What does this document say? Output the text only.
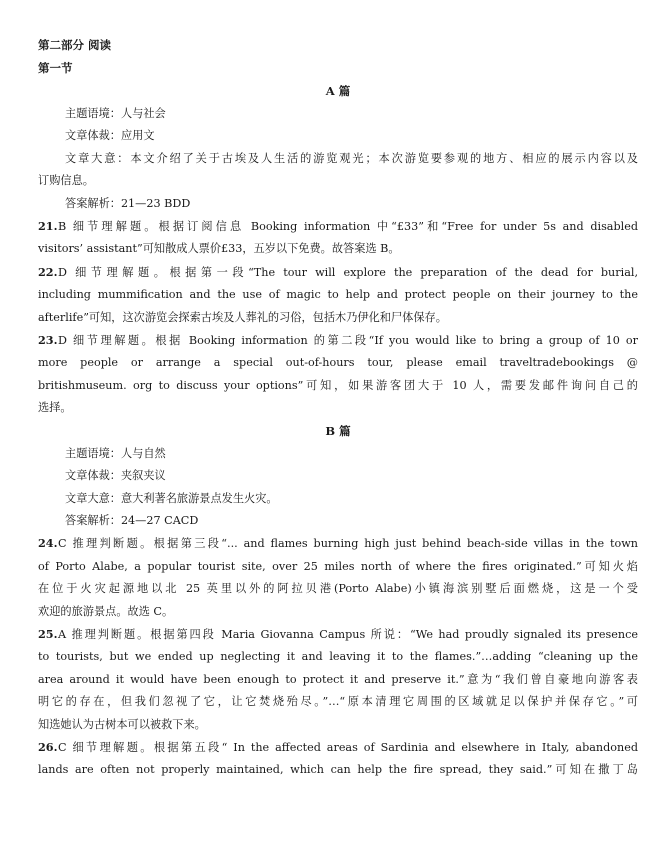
第二部分 阅读
第一节
A 篇
主题语境：人与社会
文章体裁：应用文
文章大意：本文介绍了关于古埃及人生活的游览观光；本次游览要参观的地方、相应的展示内容以及
订购信息。
答案解析：21—23 BDD
21.B 细节理解题。根据订阅信息 Booking information 中“£33”和“Free for under 5s and disabled
visitors’ assistant”可知散成人票价£33，五岁以下免费。故答案选 B。
22.D 细节理解题。根据第一段“The tour will explore the preparation of the dead for burial,
including mummification and the use of magic to help and protect people on their journey to the
afterlife”可知，这次游览会探索古埃及人葬礼的习俗，包括木乃伊化和尸体保存。
23.D 细节理解题。根据 Booking information 的第二段“If you would like to bring a group of 10 or
more people or arrange a special out-of-hours tour, please email traveltradebookings @
britishmuseum. org to discuss your options”可知，如果游客团大于 10 人，需要发邮件询问自己的
选择。
B 篇
主题语境：人与自然
文章体裁：夹叙夹议
文章大意：意大利著名旅游景点发生火灾。
答案解析：24—27 CACD
24.C 推理判断题。根据第三段“... and flames burning high just behind beach-side villas in the town
of Porto Alabe, a popular tourist site, over 25 miles north of where the fires originated.”可知火焰
在位于火灾起源地以北 25 英里以外的阿拉贝港(Porto Alabe)小镇海滨别墅后面燃烧，这是一个受
欢迎的旅游景点。故选 C。
25.A 推理判断题。根据第四段 Maria Giovanna Campus 所说：“We had proudly signaled its presence
to tourists, but we ended up neglecting it and leaving it to the flames.”…adding “cleaning up the
area around it would have been enough to protect it and preserve it.”意为“我们曾自豪地向游客表
明它的存在，但我们忽视了它，让它焚烧殆尽。”…“原本清理它周围的区域就足以保护并保存它。”可
知选她认为古树本可以被救下来。
26.C 细节理解题。根据第五段“ In the affected areas of Sardinia and elsewhere in Italy, abandoned
lands are often not properly maintained, which can help the fire spread, they said.”可知在撒丁岛
